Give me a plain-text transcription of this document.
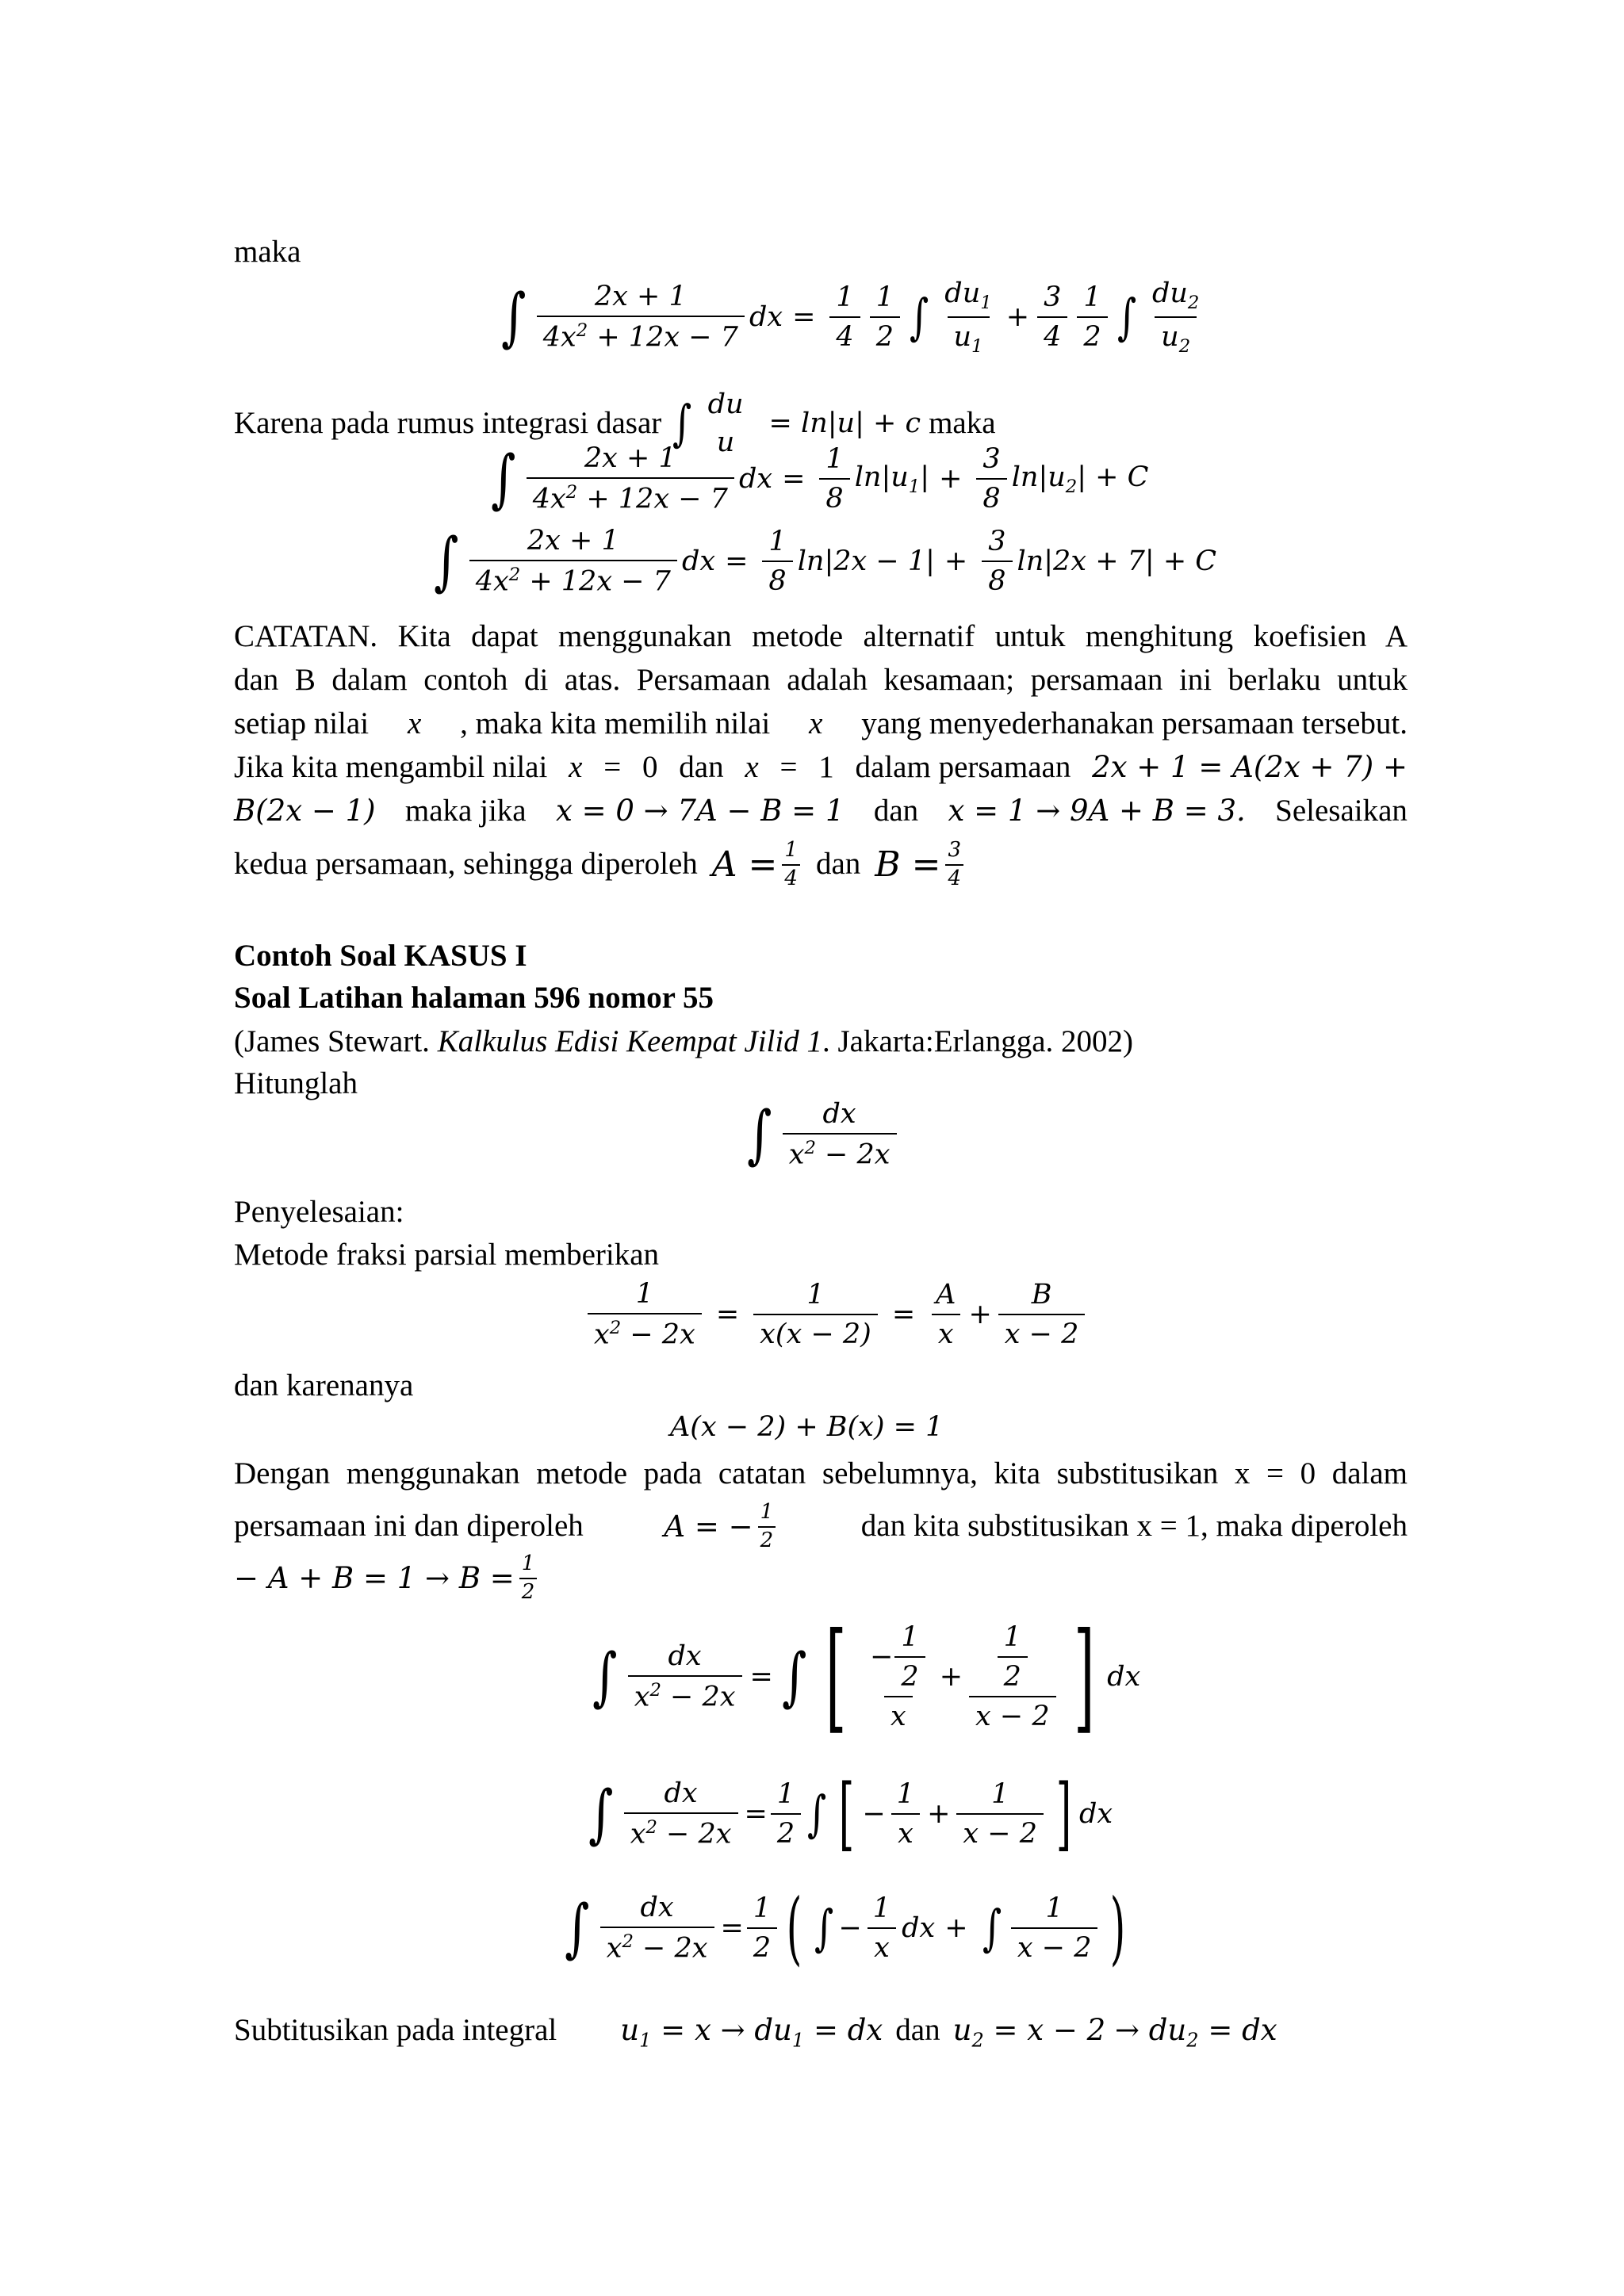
maka
∫ $\frac{2x + 1}{4x^2 + 12x - 7}$ dx = $\frac{1}{4} \frac{1}{2}$ ∫ $\frac{du_1}{u_1} + \frac{3}{4} \frac{1}{2}$ ∫ $\frac{du_2}{u_2}$
Karena pada rumus integrasi dasar ∫ du
u
= ln|u| + c maka
∫ $\frac{2x + 1}{4x^2 + 12x - 7}$ dx = $\frac{1}{8} \ln|u_1| + \frac{3}{8} \ln|u_2| + C$
∫ $\frac{2x + 1}{4x^2 + 12x - 7}$ dx = $\frac{1}{8} \ln|2x - 1| + \frac{3}{8} \ln|2x + 7| + C$
CATATAN. Kita dapat menggunakan metode alternatif untuk menghitung koefisien A
dan B dalam contoh di atas. Persamaan adalah kesamaan; persamaan ini berlaku untuk
setiap nilai x , maka kita memilih nilai x yang menyederhanakan persamaan tersebut.
Jika kita mengambil nilai x = 0 dan x = 1 dalam persamaan 2x + 1 = A(2x + 7) +
B(2x − 1) maka jika x = 0 → 7A − B = 1 dan x = 1 → 9A + B = 3. Selesaikan
kedua persamaan, sehingga diperoleh $A = \frac{1}{4}$ dan $B = \frac{3}{4}$
Contoh Soal KASUS I
Soal Latihan halaman 596 nomor 55
(James Stewart. Kalkulus Edisi Keempat Jilid 1. Jakarta:Erlangga. 2002)
Hitunglah
∫ $\frac{dx}{x^2 - 2x}$
Penyelesaian:
Metode fraksi parsial memberikan
$\frac{1}{x^2 - 2x} = \frac{1}{x(x - 2)} = \frac{A}{x} + \frac{B}{x - 2}$
dan karenanya
A(x − 2) + B(x) = 1
Dengan menggunakan metode pada catatan sebelumnya, kita substitusikan x = 0 dalam
persamaan ini dan diperoleh	A = − $\frac{1}{2}$	dan kita substitusikan x = 1, maka diperoleh
− $A + B = 1 \to B = \frac{1}{2}$
∫ $\frac{dx}{x^2 - 2x}$ = ∫ [ $\frac{- \frac{1}{2}}{x} + \frac{\frac{1}{2}}{x - 2}$ ] dx
∫ $\frac{dx}{x^2 - 2x} = \frac{1}{2}$ ∫ [ − $\frac{1}{x} + \frac{1}{x - 2}$ ] dx
∫ $\frac{dx}{x^2 - 2x} = \frac{1}{2}$ ( ∫ − $\frac{1}{x}$ dx + ∫ $\frac{1}{x - 2}$ )
Subtitusikan pada integral $u_1 = x \to du_1$ = dx dan $u_2 = x - 2 \to du_2$ = dx
